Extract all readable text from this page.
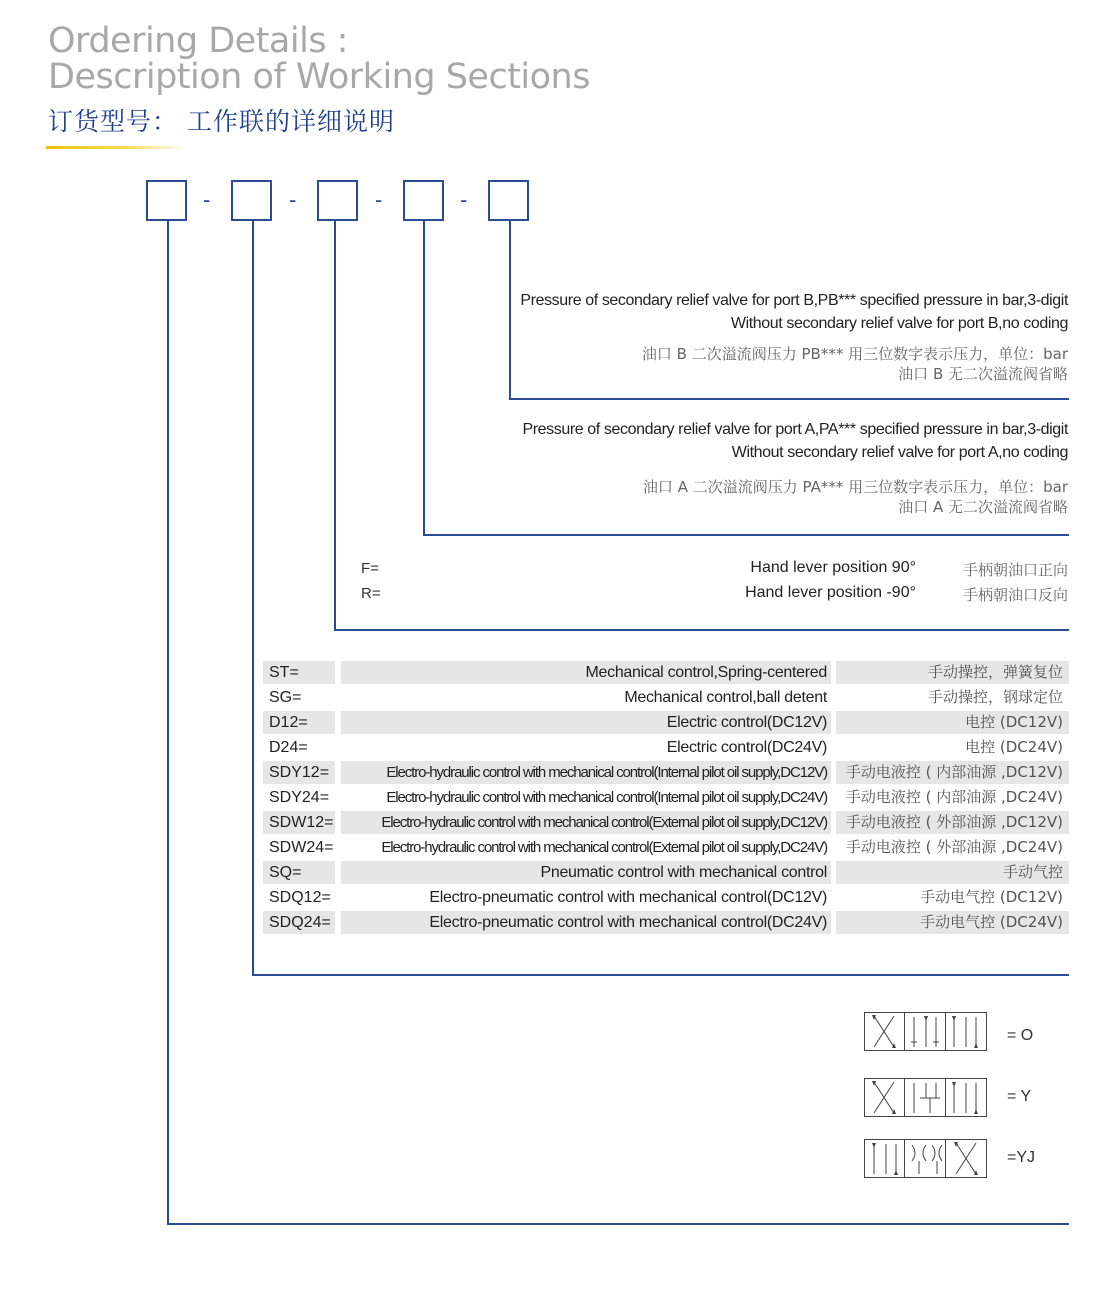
Ordering Details :
Description of Working Sections
订货型号： 工作联的详细说明
-	-	-	-
Pressure of secondary relief valve for port B,PB*** specified pressure in bar,3-digit
Without secondary relief valve for port B,no coding
油口 B 二次溢流阀压力 PB*** 用三位数字表示压力，单位：bar
油口 B 无二次溢流阀省略
Pressure of secondary relief valve for port A,PA*** specified pressure in bar,3-digit
Without secondary relief valve for port A,no coding
油口 A 二次溢流阀压力 PA*** 用三位数字表示压力，单位：bar
油口 A 无二次溢流阀省略
F=	Hand lever position 90°	手柄朝油口正向
R=	Hand lever position -90°	手柄朝油口反向
ST=	Mechanical control,Spring-centered	手动操控，弹簧复位
SG=	Mechanical control,ball detent	手动操控，钢球定位
D12=	Electric control(DC12V)	电控 (DC12V)
D24=	Electric control(DC24V)	电控 (DC24V)
SDY12=	Electro-hydraulic control with mechanical control(Internal pilot oil supply,DC12V)	手动电液控 ( 内部油源 ,DC12V)
SDY24=	Electro-hydraulic control with mechanical control(Internal pilot oil supply,DC24V)	手动电液控 ( 内部油源 ,DC24V)
SDW12=	Electro-hydraulic control with mechanical control(External pilot oil supply,DC12V)	手动电液控 ( 外部油源 ,DC12V)
SDW24=	Electro-hydraulic control with mechanical control(External pilot oil supply,DC24V)	手动电液控 ( 外部油源 ,DC24V)
SQ=	Pneumatic control with mechanical control	手动气控
SDQ12=	Electro-pneumatic control with mechanical control(DC12V)	手动电气控 (DC12V)
SDQ24=	Electro-pneumatic control with mechanical control(DC24V)	手动电气控 (DC24V)
= O
= Y
=YJ
